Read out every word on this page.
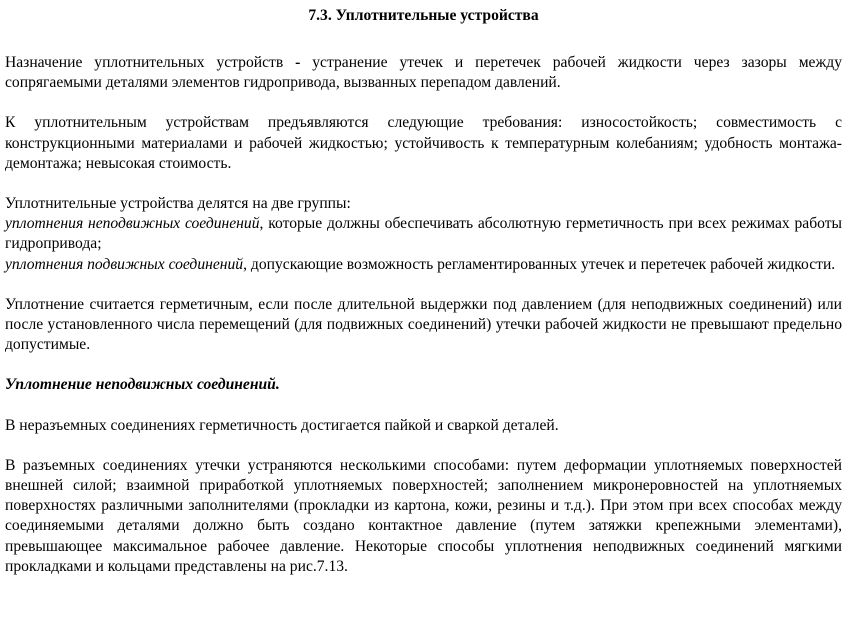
7.3. Уплотнительные устройства

Назначение уплотнительных устройств - устранение утечек и перетечек рабочей жидкости через зазоры между сопрягаемыми деталями элементов гидропривода, вызванных перепадом давлений.

К уплотнительным устройствам предъявляются следующие требования: износостойкость; совместимость с конструкционными материалами и рабочей жидкостью; устойчивость к температурным колебаниям; удобность монтажа-демонтажа; невысокая стоимость.

Уплотнительные устройства делятся на две группы:
уплотнения неподвижных соединений, которые должны обеспечивать абсолютную герметичность при всех режимах работы гидропривода;
уплотнения подвижных соединений, допускающие возможность регламентированных утечек и перетечек рабочей жидкости.

Уплотнение считается герметичным, если после длительной выдержки под давлением (для неподвижных соединений) или после установленного числа перемещений (для подвижных соединений) утечки рабочей жидкости не превышают предельно допустимые.

Уплотнение неподвижных соединений.

В неразъемных соединениях герметичность достигается пайкой и сваркой деталей.

В разъемных соединениях утечки устраняются несколькими способами: путем деформации уплотняемых поверхностей внешней силой; взаимной приработкой уплотняемых поверхностей; заполнением микронеровностей на уплотняемых поверхностях различными заполнителями (прокладки из картона, кожи, резины и т.д.). При этом при всех способах между соединяемыми деталями должно быть создано контактное давление (путем затяжки крепежными элементами), превышающее максимальное рабочее давление. Некоторые способы уплотнения неподвижных соединений мягкими прокладками и кольцами представлены на рис.7.13.
